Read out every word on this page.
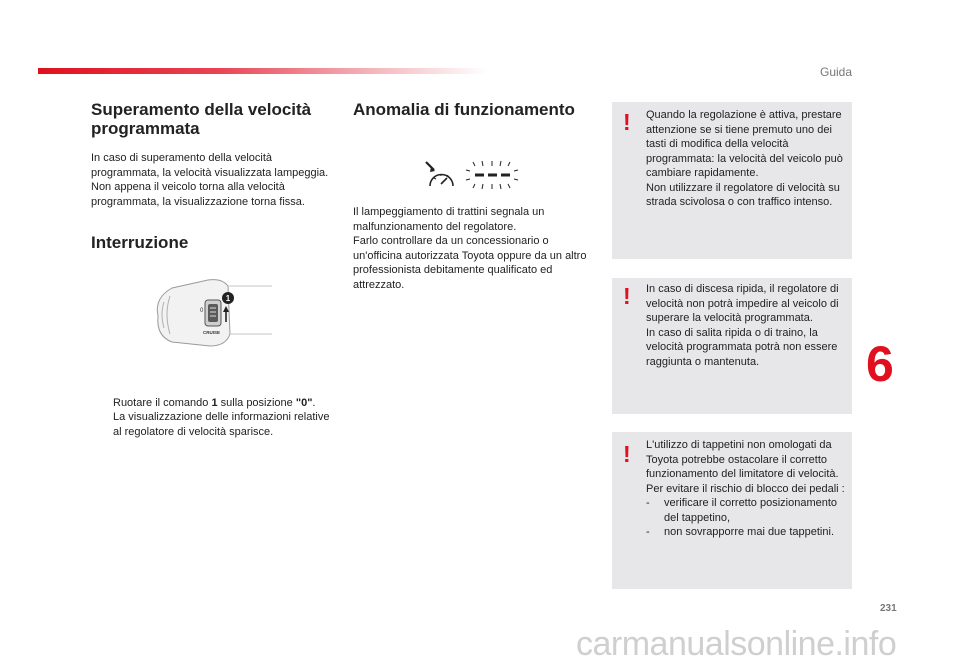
Guida
Superamento della velocità programmata
In caso di superamento della velocità programmata, la velocità visualizzata lampeggia.
Non appena il veicolo torna alla velocità programmata, la visualizzazione torna fissa.
Interruzione
0
CRUISE
1

Ruotare il comando 1 sulla posizione "0".
La visualizzazione delle informazioni relative al regolatore di velocità sparisce.

Anomalia di funzionamento
Il lampeggiamento di trattini segnala un malfunzionamento del regolatore.
Farlo controllare da un concessionario o un'officina autorizzata Toyota oppure da un altro professionista debitamente qualificato ed attrezzato.
! Quando la regolazione è attiva, prestare attenzione se si tiene premuto uno dei tasti di modifica della velocità programmata: la velocità del veicolo può cambiare rapidamente.
Non utilizzare il regolatore di velocità su strada scivolosa o con traffico intenso.
! In caso di discesa ripida, il regolatore di velocità non potrà impedire al veicolo di superare la velocità programmata.
In caso di salita ripida o di traino, la velocità programmata potrà non essere raggiunta o mantenuta.
! L'utilizzo di tappetini non omologati da Toyota potrebbe ostacolare il corretto funzionamento del limitatore di velocità.
Per evitare il rischio di blocco dei pedali :
- verificare il corretto posizionamento del tappetino,
- non sovrapporre mai due tappetini.
6
231
carmanualsonline.info
